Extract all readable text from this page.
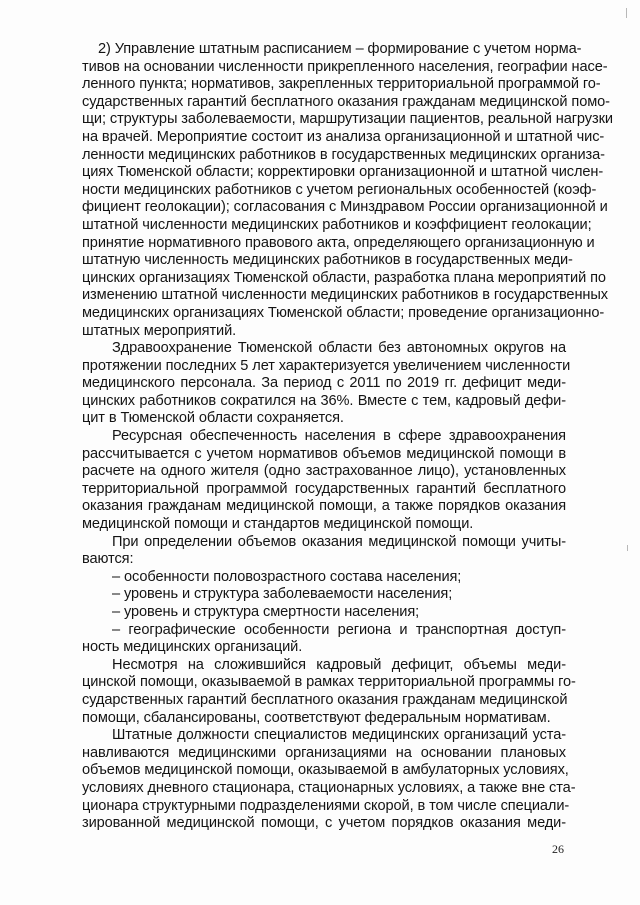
2) Управление штатным расписанием – формирование с учетом норма-
тивов на основании численности прикрепленного населения, географии насе-
ленного пункта; нормативов, закрепленных территориальной программой го-
сударственных гарантий бесплатного оказания гражданам медицинской помо-
щи; структуры заболеваемости, маршрутизации пациентов, реальной нагрузки
на врачей. Мероприятие состоит из анализа организационной и штатной чис-
ленности медицинских работников в государственных медицинских организа-
циях Тюменской области; корректировки организационной и штатной числен-
ности медицинских работников с учетом региональных особенностей (коэф-
фициент геолокации); согласования с Минздравом России организационной и
штатной численности медицинских работников и коэффициент геолокации;
принятие нормативного правового акта, определяющего организационную и
штатную численность медицинских работников в государственных меди-
цинских организациях Тюменской области, разработка плана мероприятий по
изменению штатной численности медицинских работников в государственных
медицинских организациях Тюменской области; проведение организационно-
штатных мероприятий.
Здравоохранение Тюменской области без автономных округов на
протяжении последних 5 лет характеризуется увеличением численности
медицинского персонала. За период с 2011 по 2019 гг. дефицит меди-
цинских работников сократился на 36%. Вместе с тем, кадровый дефи-
цит в Тюменской области сохраняется.
Ресурсная обеспеченность населения в сфере здравоохранения
рассчитывается с учетом нормативов объемов медицинской помощи в
расчете на одного жителя (одно застрахованное лицо), установленных
территориальной программой государственных гарантий бесплатного
оказания гражданам медицинской помощи, а также порядков оказания
медицинской помощи и стандартов медицинской помощи.
При определении объемов оказания медицинской помощи учиты-
ваются:
– особенности половозрастного состава населения;
– уровень и структура заболеваемости населения;
– уровень и структура смертности населения;
– географические особенности региона и транспортная доступ-
ность медицинских организаций.
Несмотря на сложившийся кадровый дефицит, объемы меди-
цинской помощи, оказываемой в рамках территориальной программы го-
сударственных гарантий бесплатного оказания гражданам медицинской
помощи, сбалансированы, соответствуют федеральным нормативам.
Штатные должности специалистов медицинских организаций уста-
навливаются медицинскими организациями на основании плановых
объемов медицинской помощи, оказываемой в амбулаторных условиях,
условиях дневного стационара, стационарных условиях, а также вне ста-
ционара структурными подразделениями скорой, в том числе специали-
зированной медицинской помощи, с учетом порядков оказания меди-
26
